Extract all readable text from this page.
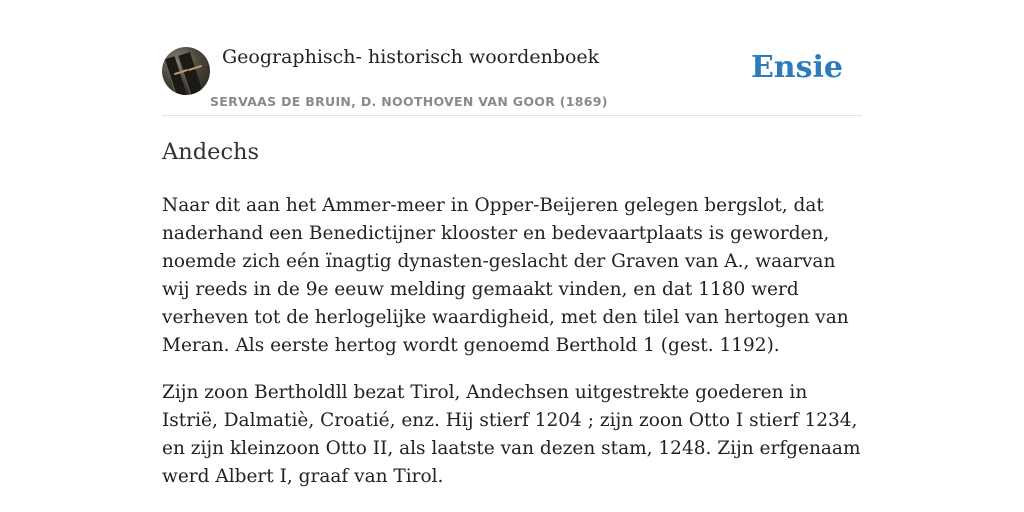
Geographisch- historisch woordenboek
SERVAAS DE BRUIN, D. NOOTHOVEN VAN GOOR (1869)
Ensie
Andechs

Naar dit aan het Ammer-meer in Opper-Beijeren gelegen bergslot, dat naderhand een Benedictijner klooster en bedevaartplaats is geworden, noemde zich eén ïnagtig dynasten-geslacht der Graven van A., waarvan wij reeds in de 9e eeuw melding gemaakt vinden, en dat 1180 werd verheven tot de herlogelijke waardigheid, met den tilel van hertogen van Meran. Als eerste hertog wordt genoemd Berthold 1 (gest. 1192).

Zijn zoon Bertholdll bezat Tirol, Andechsen uitgestrekte goederen in Istrië, Dalmatiè, Croatié, enz. Hij stierf 1204 ; zijn zoon Otto I stierf 1234, en zijn kleinzoon Otto II, als laatste van dezen stam, 1248. Zijn erfgenaam werd Albert I, graaf van Tirol.
